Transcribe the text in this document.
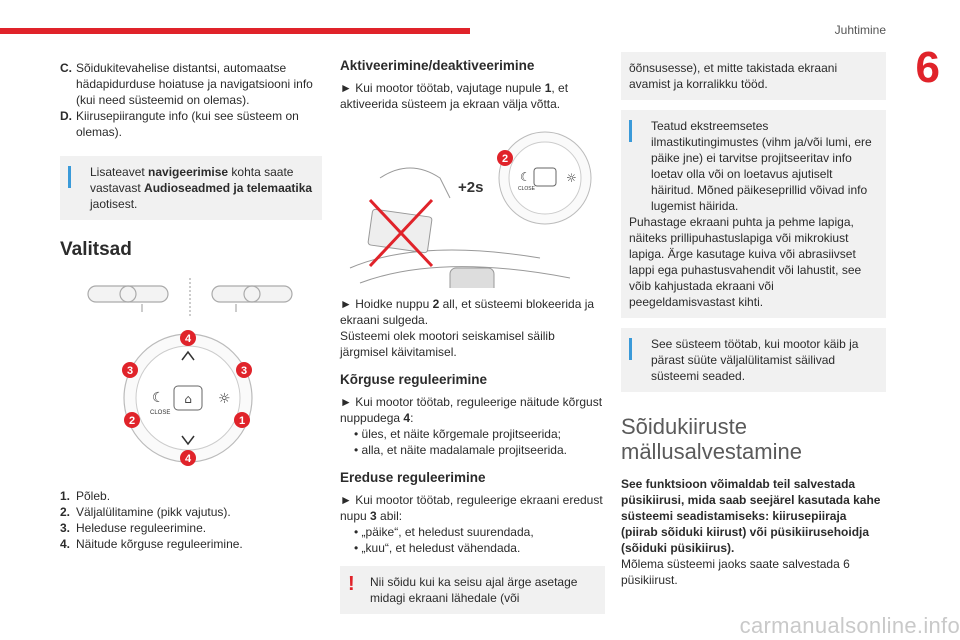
Juhtimine
6
C. Sõidukitevahelise distantsi, automaatse hädapidurduse hoiatuse ja navigatsiooni info (kui need süsteemid on olemas).
D. Kiirusepiirangute info (kui see süsteem on olemas).
Lisateavet navigeerimise kohta saate vastavast Audioseadmed ja telemaatika jaotisest.
Valitsad

⌂
☾
CLOSE
☼
4
3	3
2	1
4
1. Põleb.
2. Väljalülitamine (pikk vajutus).
3. Heleduse reguleerimine.
4. Näitude kõrguse reguleerimine.
Aktiveerimine/deaktiveerimine
► Kui mootor töötab, vajutage nupule 1, et aktiveerida süsteem ja ekraan välja võtta.
☾
CLOSE
☼
2
+2s
► Hoidke nuppu 2 all, et süsteemi blokeerida ja ekraani sulgeda.
Süsteemi olek mootori seiskamisel säilib järgmisel käivitamisel.
Kõrguse reguleerimine
► Kui mootor töötab, reguleerige näitude kõrgust nuppudega 4:
• üles, et näite kõrgemale projitseerida;
• alla, et näite madalamale projitseerida.
Ereduse reguleerimine
► Kui mootor töötab, reguleerige ekraani eredust nupu 3 abil:
• „päike“, et heledust suurendada,
• „kuu“, et heledust vähendada.
!	Nii sõidu kui ka seisu ajal ärge asetage midagi ekraani lähedale (või
õõnsusesse), et mitte takistada ekraani avamist ja korralikku tööd.
Teatud ekstreemsetes ilmastikutingimustes (vihm ja/või lumi, ere päike jne) ei tarvitse projitseeritav info loetav olla või on loetavus ajutiselt häiritud. Mõned päikeseprillid võivad info lugemist häirida.
Puhastage ekraani puhta ja pehme lapiga, näiteks prillipuhastuslapiga või mikrokiust lapiga. Ärge kasutage kuiva või abrasiivset lappi ega puhastusvahendit või lahustit, see võib kahjustada ekraani või peegeldamisvastast kihti.
See süsteem töötab, kui mootor käib ja pärast süüte väljalülitamist säilivad süsteemi seaded.
Sõidukiiruste mällusalvestamine
See funktsioon võimaldab teil salvestada püsikiirusi, mida saab seejärel kasutada kahe süsteemi seadistamiseks: kiirusepiiraja (piirab sõiduki kiirust) või püsikiirusehoidja (sõiduki püsikiirus).
Mõlema süsteemi jaoks saate salvestada 6 püsikiirust.
carmanualsonline.info
